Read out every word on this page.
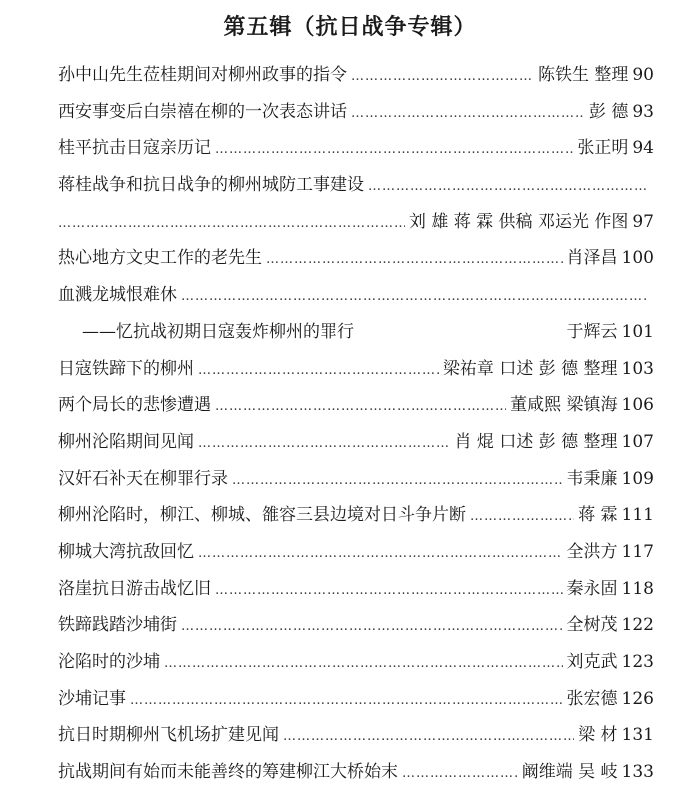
第五辑（抗日战争专辑）
孙中山先生莅桂期间对柳州政事的指令 …………………………………………………………………………………………………………………………………………………………………………	陈铁生 整理 90
西安事变后白崇禧在柳的一次表态讲话 …………………………………………………………………………………………………………………………………………………………………………	彭 德 93
桂平抗击日寇亲历记 …………………………………………………………………………………………………………………………………………………………………………	张正明 94
蒋桂战争和抗日战争的柳州城防工事建设
…………………………………………………………………………………………………………………………………………………………………………
…………………………………………………………………………………………………………………………………………………………………………
刘 雄 蒋 霖 供稿 邓运光 作图 97
热心地方文史工作的老先生 …………………………………………………………………………………………………………………………………………………………………………	肖泽昌 100
血溅龙城恨难休
…………………………………………………………………………………………………………………………………………………………………………
——忆抗战初期日寇轰炸柳州的罪行	于辉云 101
日寇铁蹄下的柳州 …………………………………………………………………………………………………………………………………………………………………………	梁祐章 口述 彭 德 整理 103
两个局长的悲惨遭遇 …………………………………………………………………………………………………………………………………………………………………………	董咸熙 梁镇海 106
柳州沦陷期间见闻 …………………………………………………………………………………………………………………………………………………………………………	肖 焜 口述 彭 德 整理 107
汉奸石补天在柳罪行录 …………………………………………………………………………………………………………………………………………………………………………	韦秉廉 109
柳州沦陷时，柳江、柳城、雒容三县边境对日斗争片断 …………………………………………………………………………………………………………………………………………………………………………	蒋 霖 111
柳城大湾抗敌回忆 …………………………………………………………………………………………………………………………………………………………………………	全洪方 117
洛崖抗日游击战忆旧 …………………………………………………………………………………………………………………………………………………………………………	秦永固 118
铁蹄践踏沙埔街 …………………………………………………………………………………………………………………………………………………………………………	全树茂 122
沦陷时的沙埔 …………………………………………………………………………………………………………………………………………………………………………	刘克武 123
沙埔记事 …………………………………………………………………………………………………………………………………………………………………………	张宏德 126
抗日时期柳州飞机场扩建见闻 …………………………………………………………………………………………………………………………………………………………………………	梁 材 131
抗战期间有始而未能善终的筹建柳江大桥始末 …………………………………………………………………………………………………………………………………………………………………………	阚维端 吴 岐 133
